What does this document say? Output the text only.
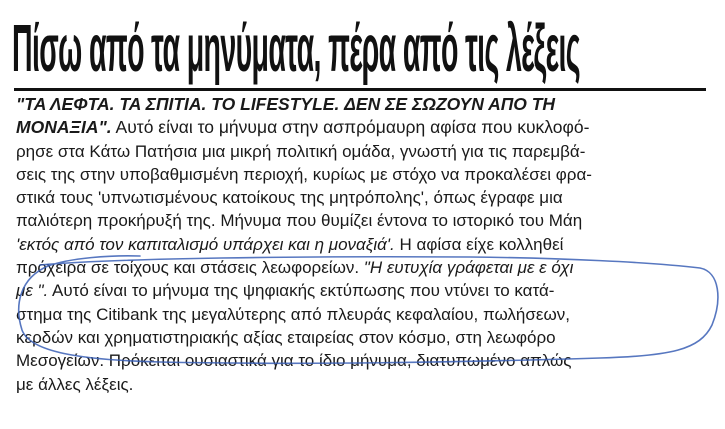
Πίσω από τα μηνύματα, πέρα από τις λέξεις
"ΤΑ ΛΕΦΤΑ. ΤΑ ΣΠΙΤΙΑ. ΤΟ LIFESTYLE. ΔΕΝ ΣΕ ΣΩΖΟΥΝ ΑΠΟ ΤΗ
ΜΟΝΑΞΙΑ". Αυτό είναι το μήνυμα στην ασπρόμαυρη αφίσα που κυκλοφό-
ρησε στα Κάτω Πατήσια μια μικρή πολιτική ομάδα, γνωστή για τις παρεμβά-
σεις της στην υποβαθμισμένη περιοχή, κυρίως με στόχο να προκαλέσει φρα-
στικά τους 'υπνωτισμένους κατοίκους της μητρόπολης', όπως έγραφε μια
παλιότερη προκήρυξή της. Μήνυμα που θυμίζει έντονα το ιστορικό του Μάη
'εκτός από τον καπιταλισμό υπάρχει και η μοναξιά'. Η αφίσα είχε κολληθεί
πρόχειρα σε τοίχους και στάσεις λεωφορείων. "Η ευτυχία γράφεται με ε όχι
με ". Αυτό είναι το μήνυμα της ψηφιακής εκτύπωσης που ντύνει το κατά-
στημα της Citibank της μεγαλύτερης από πλευράς κεφαλαίου, πωλήσεων,
κερδών και χρηματιστηριακής αξίας εταιρείας στον κόσμο, στη λεωφόρο
Μεσογείων. Πρόκειται ουσιαστικά για το ίδιο μήνυμα, διατυπωμένο απλώς
με άλλες λέξεις.
